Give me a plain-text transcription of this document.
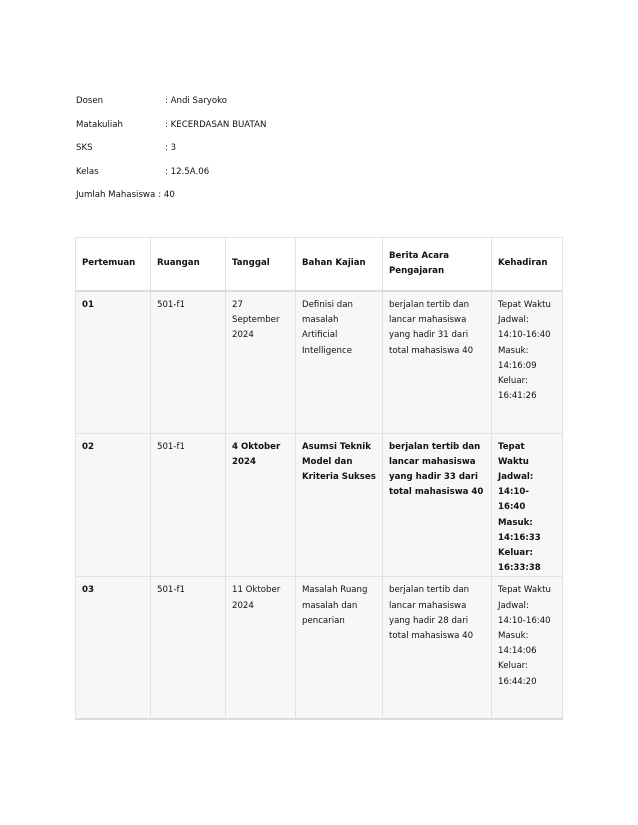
Dosen	: Andi Saryoko
Matakuliah	: KECERDASAN BUATAN
SKS	: 3
Kelas	: 12.5A.06
Jumlah Mahasiswa : 40
Pertemuan	Ruangan	Tanggal	Bahan Kajian	Berita Acara Pengajaran	Kehadiran
01	501-f1	27 September 2024	Definisi dan masalah Artificial Intelligence	berjalan tertib dan lancar mahasiswa yang hadir 31 dari total mahasiswa 40	Tepat Waktu
Jadwal: 14:10-16:40
Masuk: 14:16:09
Keluar: 16:41:26

02	501-f1	4 Oktober 2024	Asumsi Teknik Model dan Kriteria Sukses	berjalan tertib dan lancar mahasiswa yang hadir 33 dari total mahasiswa 40	Tepat Waktu
Jadwal: 14:10-16:40
Masuk: 14:16:33
Keluar: 16:33:38

03	501-f1	11 Oktober 2024	Masalah Ruang masalah dan pencarian	berjalan tertib dan lancar mahasiswa yang hadir 28 dari total mahasiswa 40	Tepat Waktu
Jadwal: 14:10-16:40
Masuk: 14:14:06
Keluar: 16:44:20
